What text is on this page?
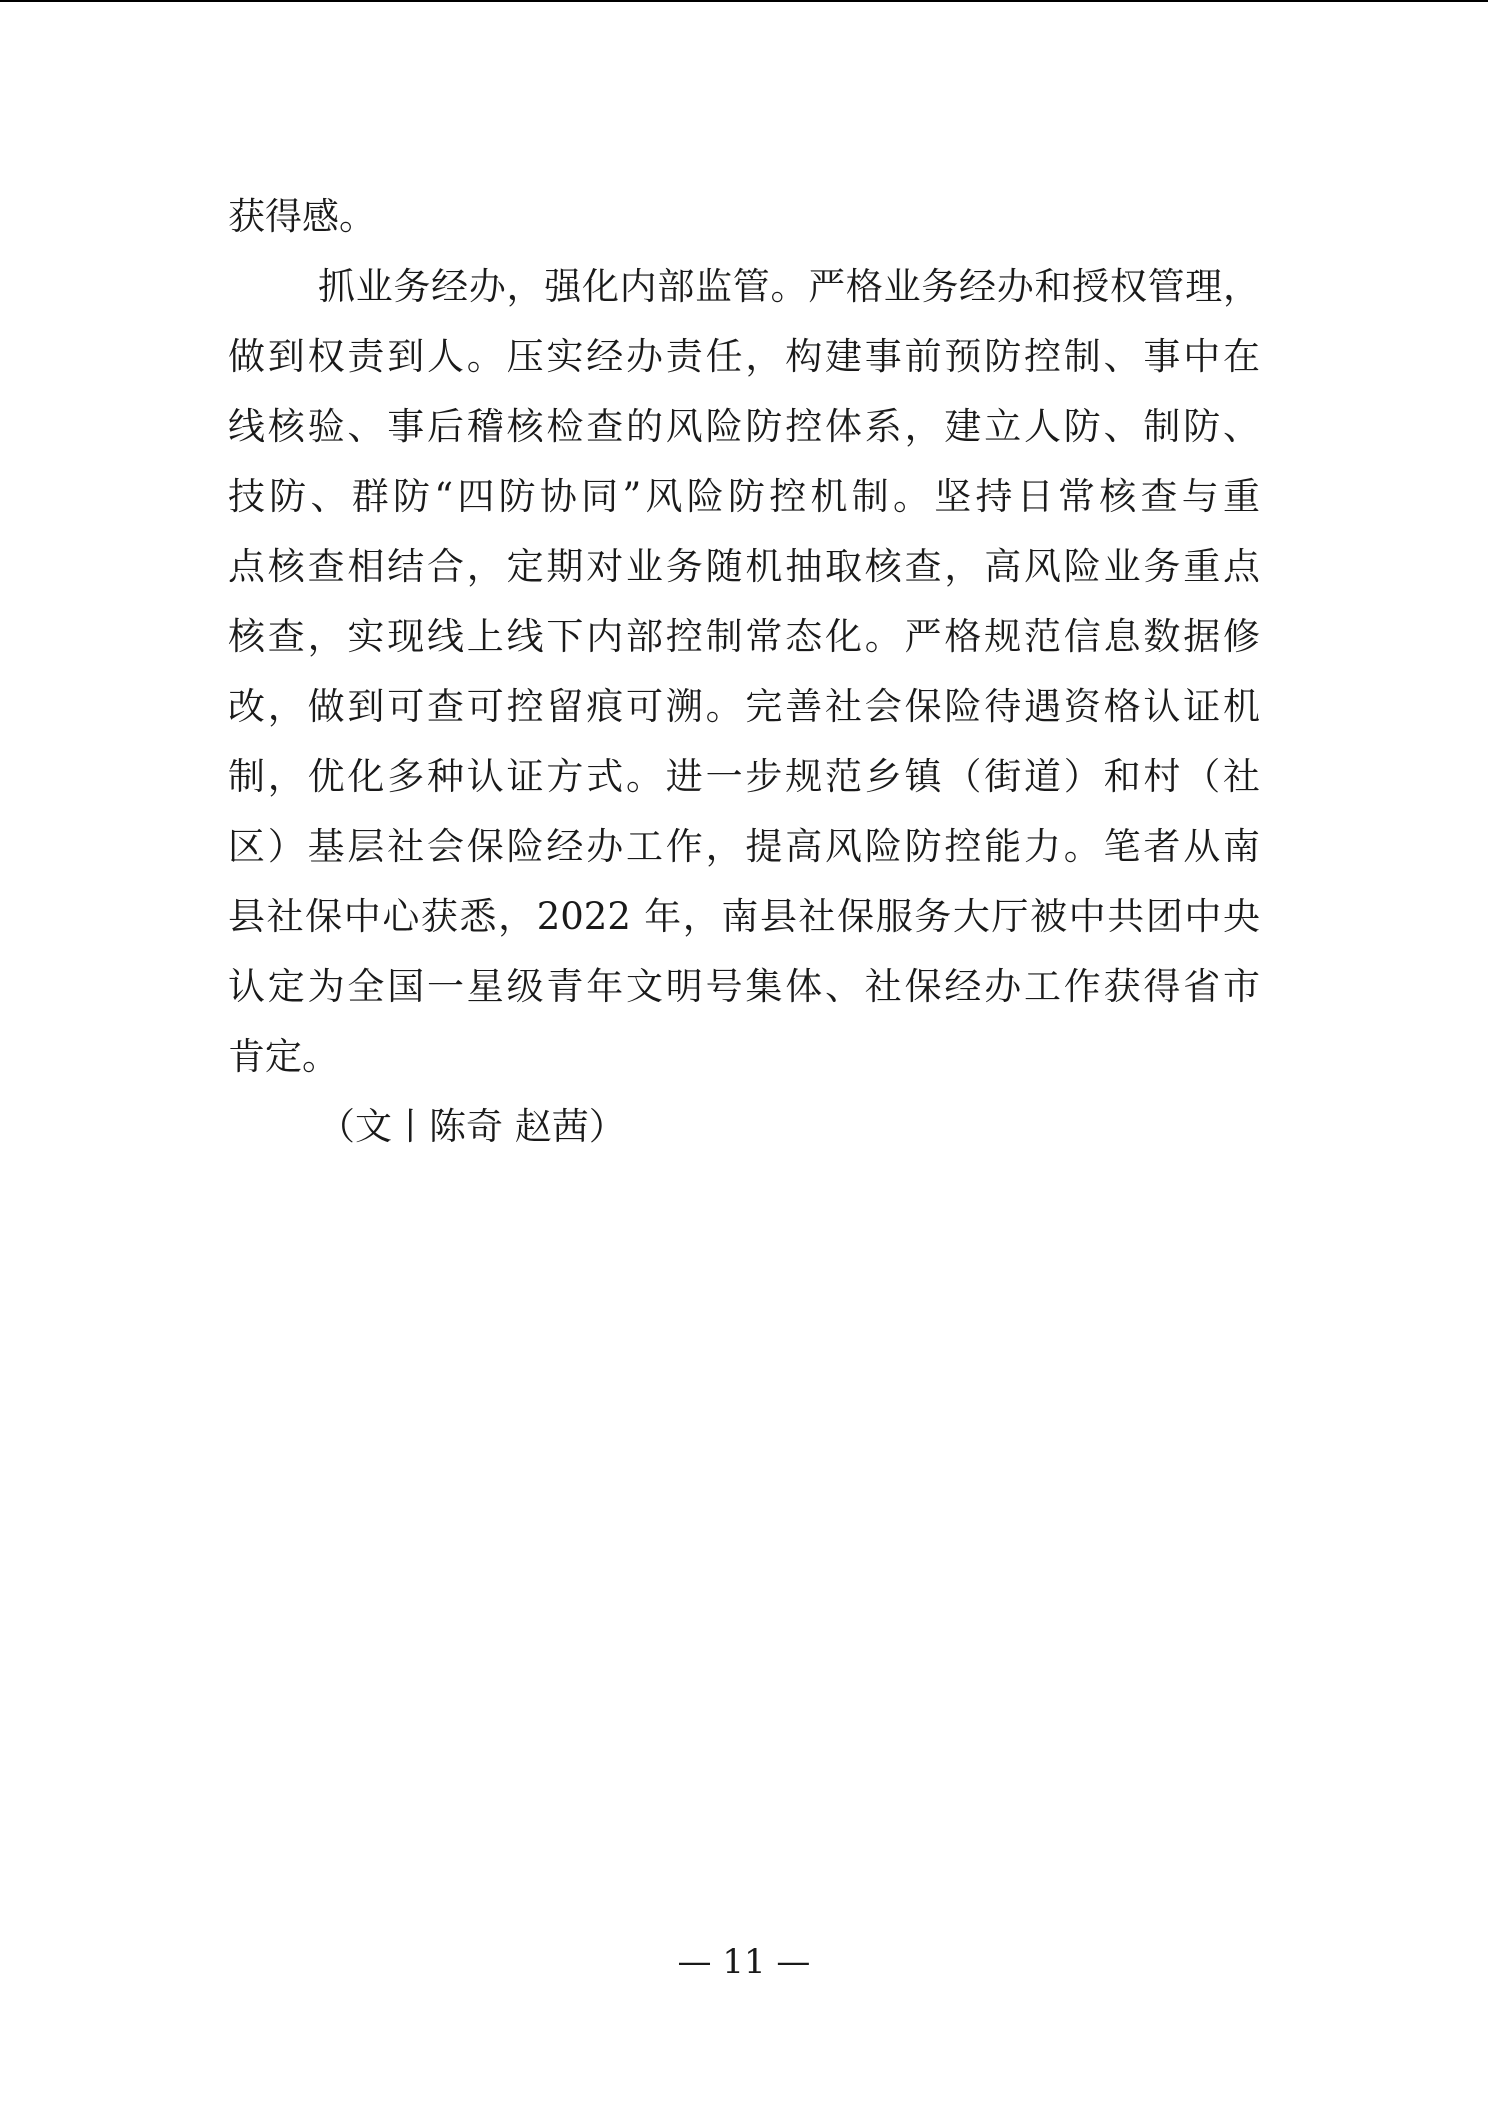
获得感。
抓业务经办，强化内部监管。严格业务经办和授权管理，
做到权责到人。压实经办责任，构建事前预防控制、事中在
线核验、事后稽核检查的风险防控体系，建立人防、制防、
技防、群防“四防协同”风险防控机制。坚持日常核查与重
点核查相结合，定期对业务随机抽取核查，高风险业务重点
核查，实现线上线下内部控制常态化。严格规范信息数据修
改，做到可查可控留痕可溯。完善社会保险待遇资格认证机
制，优化多种认证方式。进一步规范乡镇（街道）和村（社
区）基层社会保险经办工作，提高风险防控能力。笔者从南
县社保中心获悉，2022 年，南县社保服务大厅被中共团中央
认定为全国一星级青年文明号集体、社保经办工作获得省市
肯定。
（文丨陈奇 赵茜）
— 11 —
